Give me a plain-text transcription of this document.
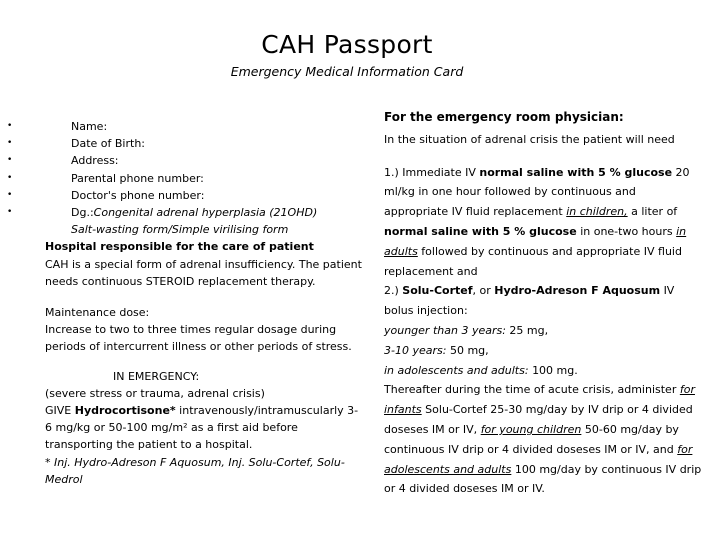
CAH Passport
Emergency Medical Information Card
• Name:
• Date of Birth:
• Address:
• Parental phone number:
• Doctor's phone number:
• Dg.:Congenital adrenal hyperplasia (21OHD)
Salt-wasting form/Simple virilising form
Hospital responsible for the care of patient
CAH is a special form of adrenal insufficiency. The patient needs continuous STEROID replacement therapy.
Maintenance dose:
Increase to two to three times regular dosage during periods of intercurrent illness or other periods of stress.
IN EMERGENCY:
(severe stress or trauma, adrenal crisis)
GIVE Hydrocortisone* intravenously/intramuscularly 3-6 mg/kg or 50-100 mg/m² as a first aid before transporting the patient to a hospital.
* Inj. Hydro-Adreson F Aquosum, Inj. Solu-Cortef, Solu-Medrol
For the emergency room physician:
In the situation of adrenal crisis the patient will need
1.) Immediate IV normal saline with 5 % glucose 20 ml/kg in one hour followed by continuous and appropriate IV fluid replacement in children, a liter of normal saline with 5 % glucose in one-two hours in adults followed by continuous and appropriate IV fluid replacement and
2.) Solu-Cortef, or Hydro-Adreson F Aquosum IV bolus injection:
younger than 3 years: 25 mg,
3-10 years: 50 mg,
in adolescents and adults: 100 mg.
Thereafter during the time of acute crisis, administer for infants Solu-Cortef 25-30 mg/day by IV drip or 4 divided doseses IM or IV, for young children 50-60 mg/day by continuous IV drip or 4 divided doseses IM or IV, and for adolescents and adults 100 mg/day by continuous IV drip or 4 divided doseses IM or IV.
